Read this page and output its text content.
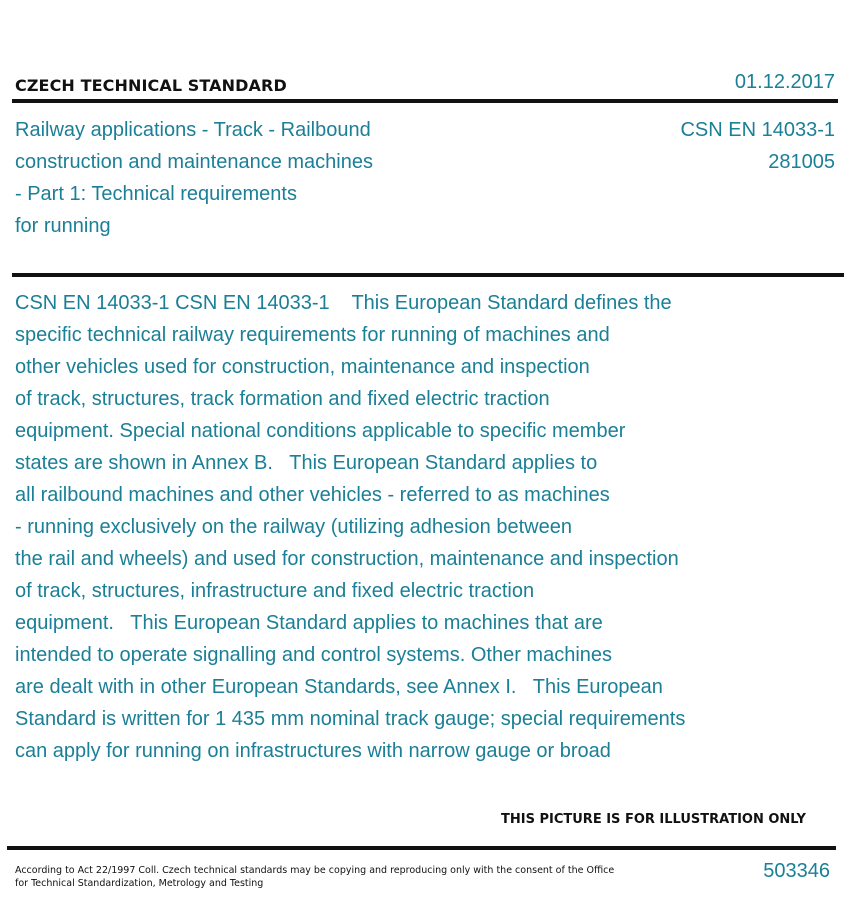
CZECH TECHNICAL STANDARD	01.12.2017
Railway applications - Track - Railbound
construction and maintenance machines
- Part 1: Technical requirements
for running
CSN EN 14033-1
281005
CSN EN 14033-1 CSN EN 14033-1    This European Standard defines the
specific technical railway requirements for running of machines and
other vehicles used for construction, maintenance and inspection
of track, structures, track formation and fixed electric traction
equipment. Special national conditions applicable to specific member
states are shown in Annex B.   This European Standard applies to
all railbound machines and other vehicles - referred to as machines
- running exclusively on the railway (utilizing adhesion between
the rail and wheels) and used for construction, maintenance and inspection
of track, structures, infrastructure and fixed electric traction
equipment.   This European Standard applies to machines that are
intended to operate signalling and control systems. Other machines
are dealt with in other European Standards, see Annex I.   This European
Standard is written for 1 435 mm nominal track gauge; special requirements
can apply for running on infrastructures with narrow gauge or broad
THIS PICTURE IS FOR ILLUSTRATION ONLY
According to Act 22/1997 Coll. Czech technical standards may be copying and reproducing only with the consent of the Office
for Technical Standardization, Metrology and Testing
503346
